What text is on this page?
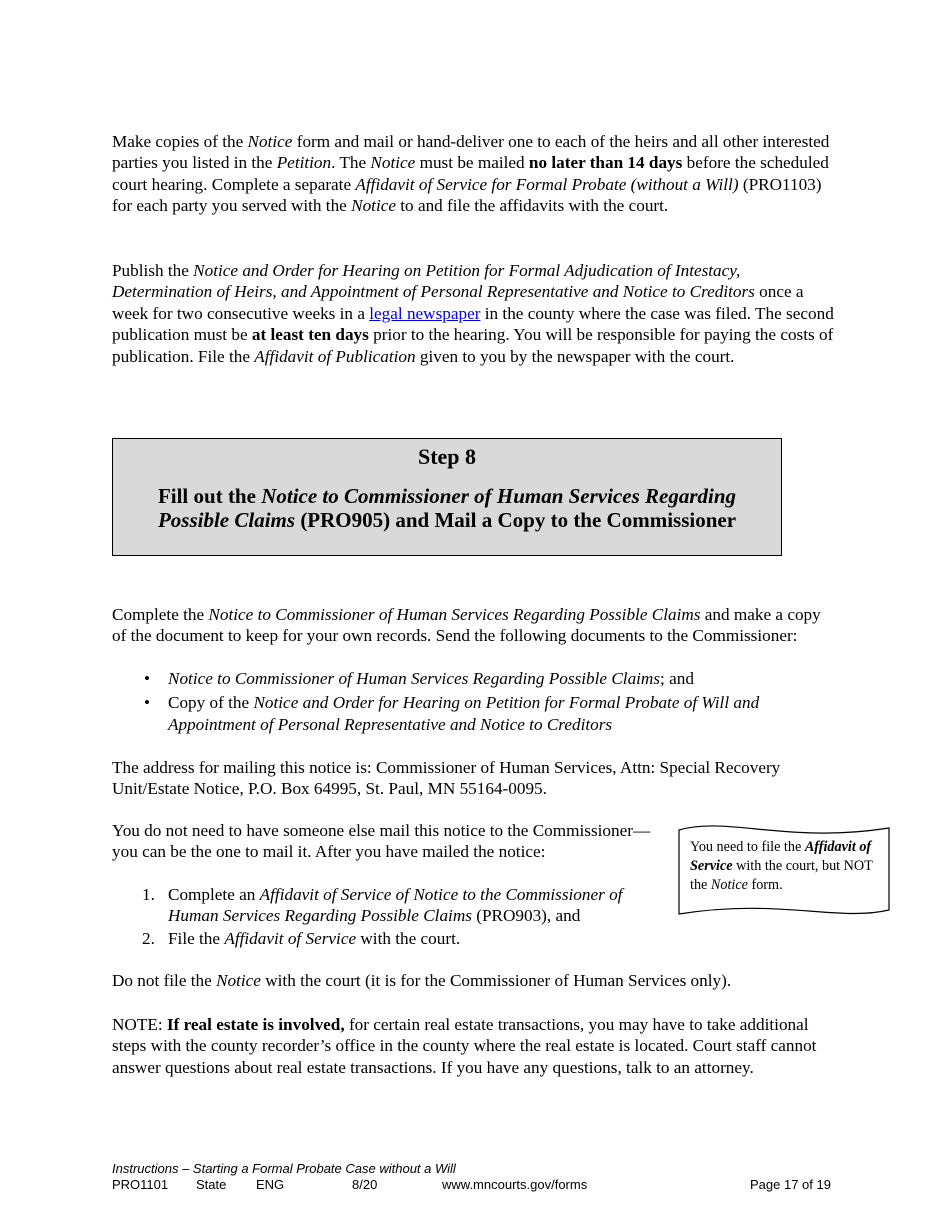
Make copies of the Notice form and mail or hand-deliver one to each of the heirs and all other interested parties you listed in the Petition. The Notice must be mailed no later than 14 days before the scheduled court hearing. Complete a separate Affidavit of Service for Formal Probate (without a Will) (PRO1103) for each party you served with the Notice to and file the affidavits with the court.

Publish the Notice and Order for Hearing on Petition for Formal Adjudication of Intestacy, Determination of Heirs, and Appointment of Personal Representative and Notice to Creditors once a week for two consecutive weeks in a legal newspaper in the county where the case was filed. The second publication must be at least ten days prior to the hearing. You will be responsible for paying the costs of publication. File the Affidavit of Publication given to you by the newspaper with the court.

Step 8
Fill out the Notice to Commissioner of Human Services Regarding Possible Claims (PRO905) and Mail a Copy to the Commissioner

Complete the Notice to Commissioner of Human Services Regarding Possible Claims and make a copy of the document to keep for your own records. Send the following documents to the Commissioner:

• Notice to Commissioner of Human Services Regarding Possible Claims; and
• Copy of the Notice and Order for Hearing on Petition for Formal Probate of Will and Appointment of Personal Representative and Notice to Creditors

The address for mailing this notice is: Commissioner of Human Services, Attn: Special Recovery Unit/Estate Notice, P.O. Box 64995, St. Paul, MN 55164-0095.

You do not need to have someone else mail this notice to the Commissioner—you can be the one to mail it. After you have mailed the notice:

1. Complete an Affidavit of Service of Notice to the Commissioner of Human Services Regarding Possible Claims (PRO903), and
2. File the Affidavit of Service with the court.
You need to file the Affidavit of Service with the court, but NOT the Notice form.

Do not file the Notice with the court (it is for the Commissioner of Human Services only).

NOTE: If real estate is involved, for certain real estate transactions, you may have to take additional steps with the county recorder’s office in the county where the real estate is located. Court staff cannot answer questions about real estate transactions. If you have any questions, talk to an attorney.

Instructions – Starting a Formal Probate Case without a Will
PRO1101 State ENG	8/20	www.mncourts.gov/forms	Page 17 of 19
